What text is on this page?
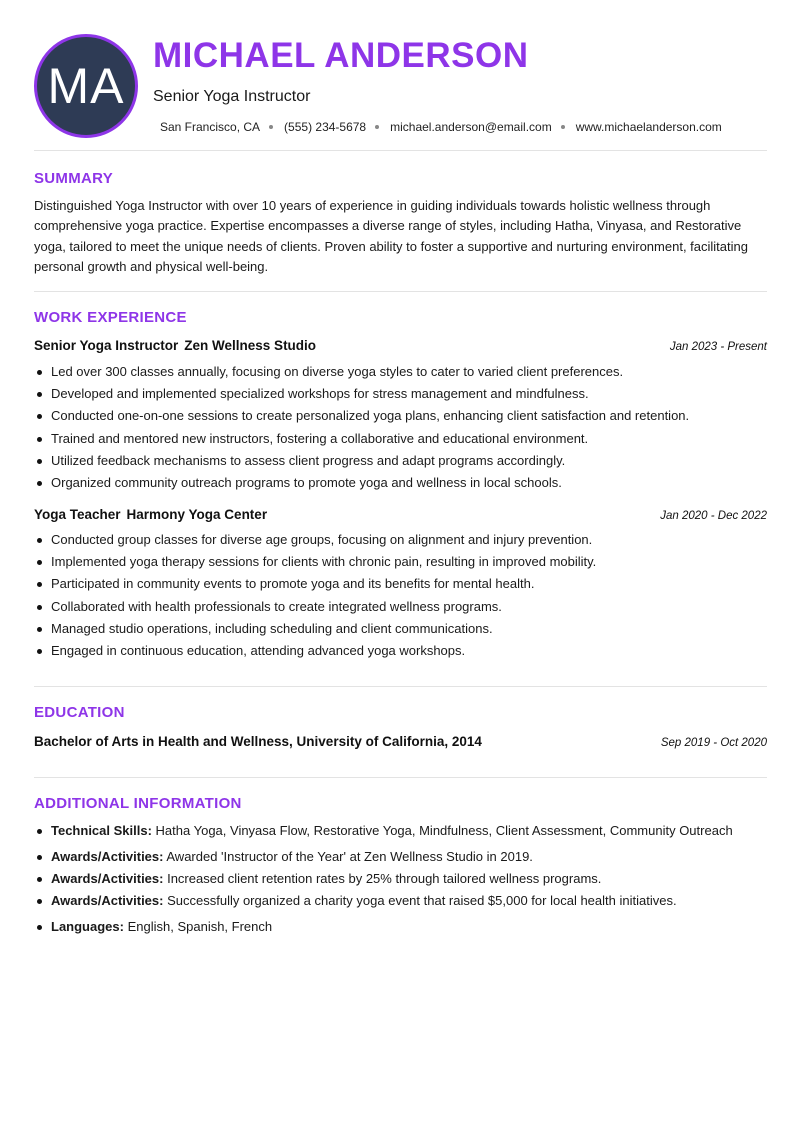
MA
MICHAEL ANDERSON
Senior Yoga Instructor
San Francisco, CA (555) 234-5678 michael.anderson@email.com www.michaelanderson.com
SUMMARY
Distinguished Yoga Instructor with over 10 years of experience in guiding individuals towards holistic wellness through comprehensive yoga practice. Expertise encompasses a diverse range of styles, including Hatha, Vinyasa, and Restorative yoga, tailored to meet the unique needs of clients. Proven ability to foster a supportive and nurturing environment, facilitating personal growth and physical well-being.
WORK EXPERIENCE
Senior Yoga Instructor Zen Wellness Studio	Jan 2023 - Present
Led over 300 classes annually, focusing on diverse yoga styles to cater to varied client preferences.
Developed and implemented specialized workshops for stress management and mindfulness.
Conducted one-on-one sessions to create personalized yoga plans, enhancing client satisfaction and retention.
Trained and mentored new instructors, fostering a collaborative and educational environment.
Utilized feedback mechanisms to assess client progress and adapt programs accordingly.
Organized community outreach programs to promote yoga and wellness in local schools.
Yoga Teacher Harmony Yoga Center	Jan 2020 - Dec 2022
Conducted group classes for diverse age groups, focusing on alignment and injury prevention.
Implemented yoga therapy sessions for clients with chronic pain, resulting in improved mobility.
Participated in community events to promote yoga and its benefits for mental health.
Collaborated with health professionals to create integrated wellness programs.
Managed studio operations, including scheduling and client communications.
Engaged in continuous education, attending advanced yoga workshops.
EDUCATION
Bachelor of Arts in Health and Wellness, University of California, 2014	Sep 2019 - Oct 2020
ADDITIONAL INFORMATION
Technical Skills: Hatha Yoga, Vinyasa Flow, Restorative Yoga, Mindfulness, Client Assessment, Community Outreach
Awards/Activities: Awarded 'Instructor of the Year' at Zen Wellness Studio in 2019.
Awards/Activities: Increased client retention rates by 25% through tailored wellness programs.
Awards/Activities: Successfully organized a charity yoga event that raised $5,000 for local health initiatives.
Languages: English, Spanish, French
